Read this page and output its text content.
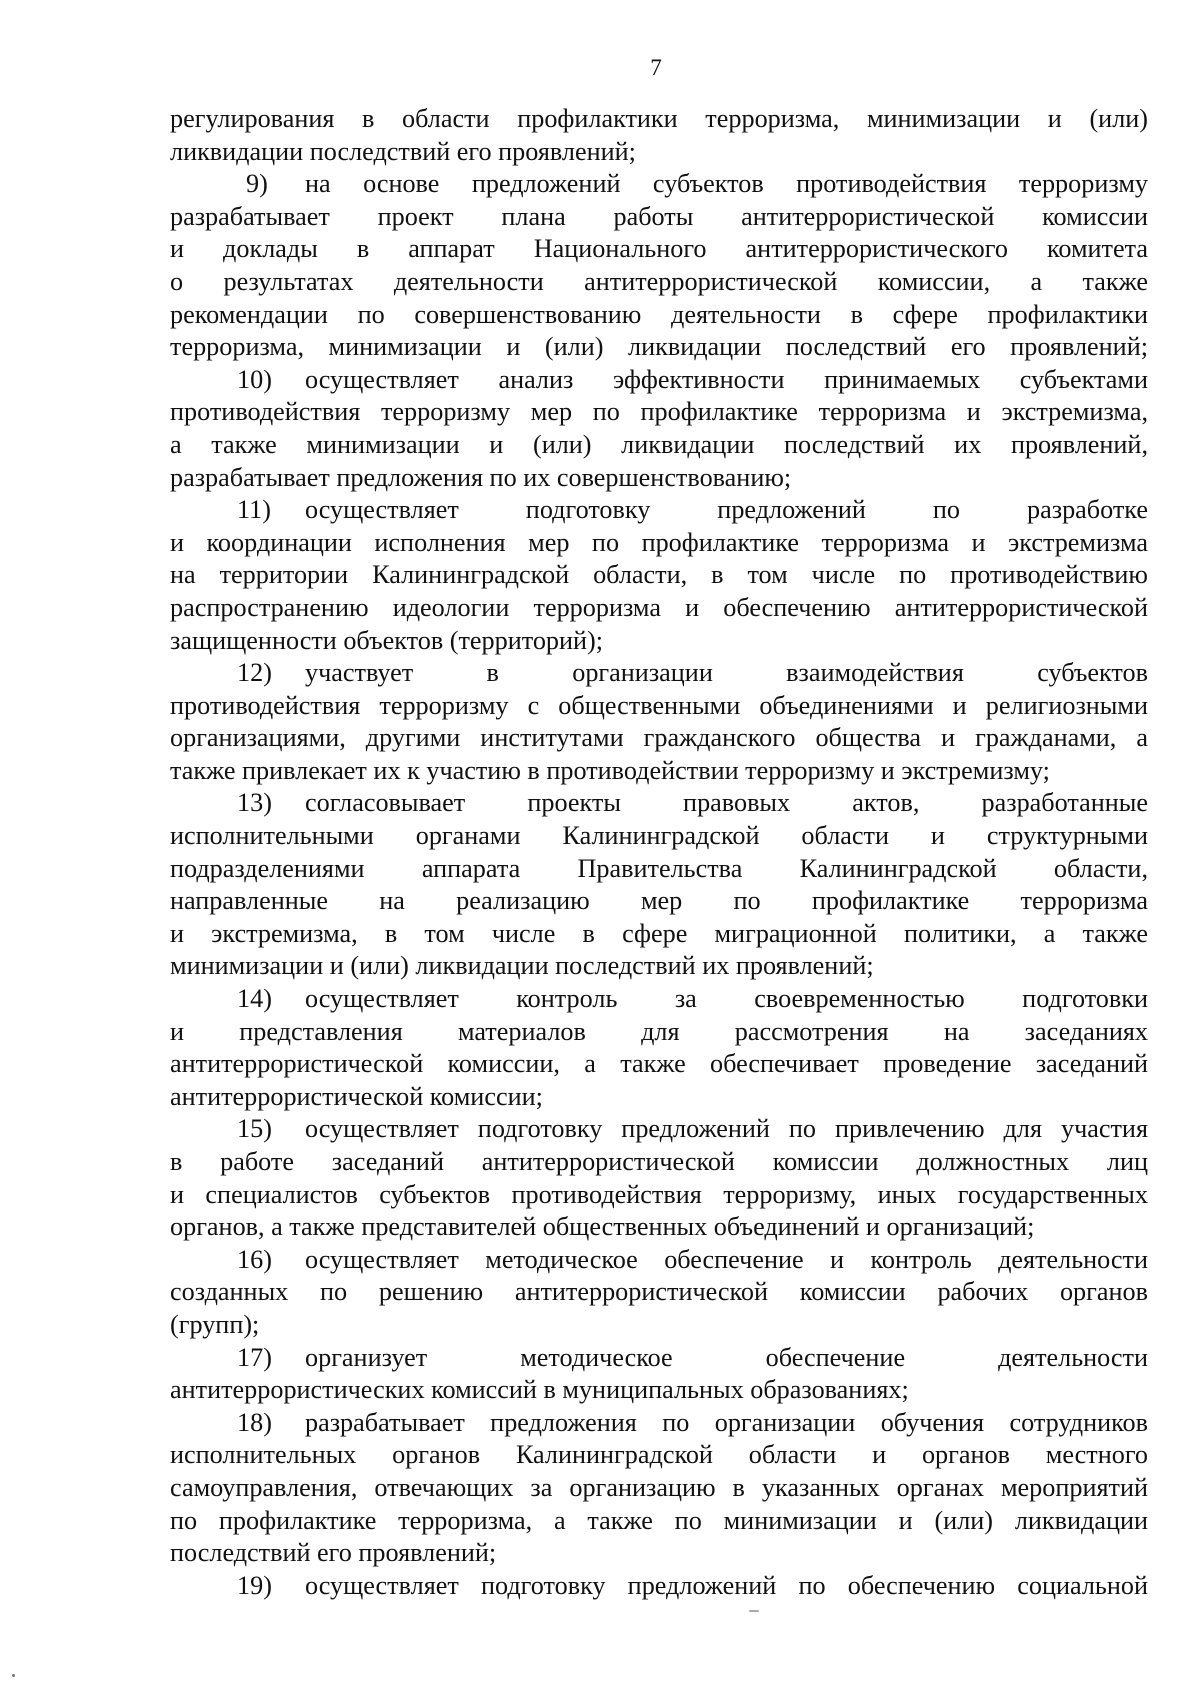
7
регулирования в области профилактики терроризма, минимизации и (или)
ликвидации последствий его проявлений;
9) на основе предложений субъектов противодействия терроризму
разрабатывает проект плана работы антитеррористической комиссии
и доклады в аппарат Национального антитеррористического комитета
о результатах деятельности антитеррористической комиссии, а также
рекомендации по совершенствованию деятельности в сфере профилактики
терроризма, минимизации и (или) ликвидации последствий его проявлений;
10) осуществляет анализ эффективности принимаемых субъектами
противодействия терроризму мер по профилактике терроризма и экстремизма,
а также минимизации и (или) ликвидации последствий их проявлений,
разрабатывает предложения по их совершенствованию;
11) осуществляет подготовку предложений по разработке
и координации исполнения мер по профилактике терроризма и экстремизма
на территории Калининградской области, в том числе по противодействию
распространению идеологии терроризма и обеспечению антитеррористической
защищенности объектов (территорий);
12) участвует в организации взаимодействия субъектов
противодействия терроризму с общественными объединениями и религиозными
организациями, другими институтами гражданского общества и гражданами, а
также привлекает их к участию в противодействии терроризму и экстремизму;
13) согласовывает проекты правовых актов, разработанные
исполнительными органами Калининградской области и структурными
подразделениями аппарата Правительства Калининградской области,
направленные на реализацию мер по профилактике терроризма
и экстремизма, в том числе в сфере миграционной политики, а также
минимизации и (или) ликвидации последствий их проявлений;
14) осуществляет контроль за своевременностью подготовки
и представления материалов для рассмотрения на заседаниях
антитеррористической комиссии, а также обеспечивает проведение заседаний
антитеррористической комиссии;
15) осуществляет подготовку предложений по привлечению для участия
в работе заседаний антитеррористической комиссии должностных лиц
и специалистов субъектов противодействия терроризму, иных государственных
органов, а также представителей общественных объединений и организаций;
16) осуществляет методическое обеспечение и контроль деятельности
созданных по решению антитеррористической комиссии рабочих органов
(групп);
17) организует методическое обеспечение деятельности
антитеррористических комиссий в муниципальных образованиях;
18) разрабатывает предложения по организации обучения сотрудников
исполнительных органов Калининградской области и органов местного
самоуправления, отвечающих за организацию в указанных органах мероприятий
по профилактике терроризма, а также по минимизации и (или) ликвидации
последствий его проявлений;
19) осуществляет подготовку предложений по обеспечению социальной
